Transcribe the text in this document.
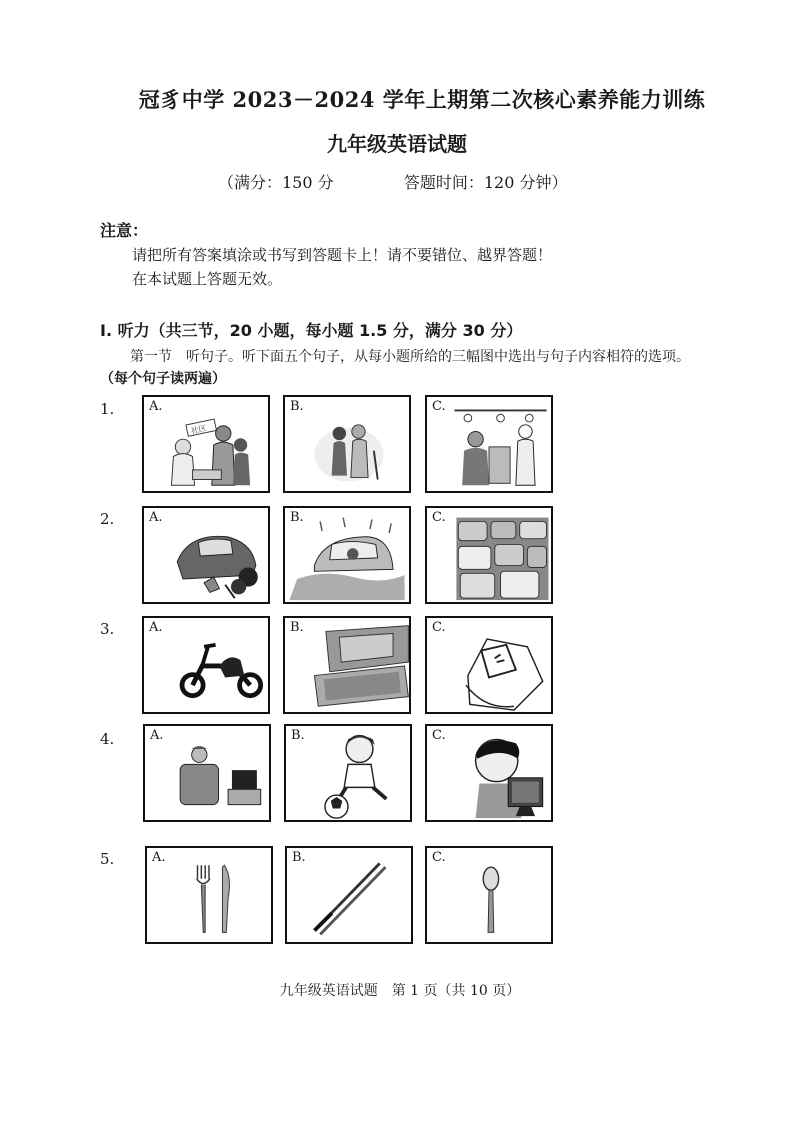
冠豸中学 2023－2024 学年上期第二次核心素养能力训练
九年级英语试题
（满分：150 分	答题时间：120 分钟）
注意：
请把所有答案填涂或书写到答题卡上！请不要错位、越界答题！
在本试题上答题无效。
I. 听力（共三节，20 小题，每小题 1.5 分，满分 30 分）
第一节　听句子。听下面五个句子，从每小题所给的三幅图中选出与句子内容相符的选项。
（每个句子读两遍）
1.	A.
社区
B.	C.
2.	A.	B.	C.
3.	A.	B.	C.
4.	A.	B.	C.
5.	A.	B.	C.
九年级英语试题　第 1 页（共 10 页）
